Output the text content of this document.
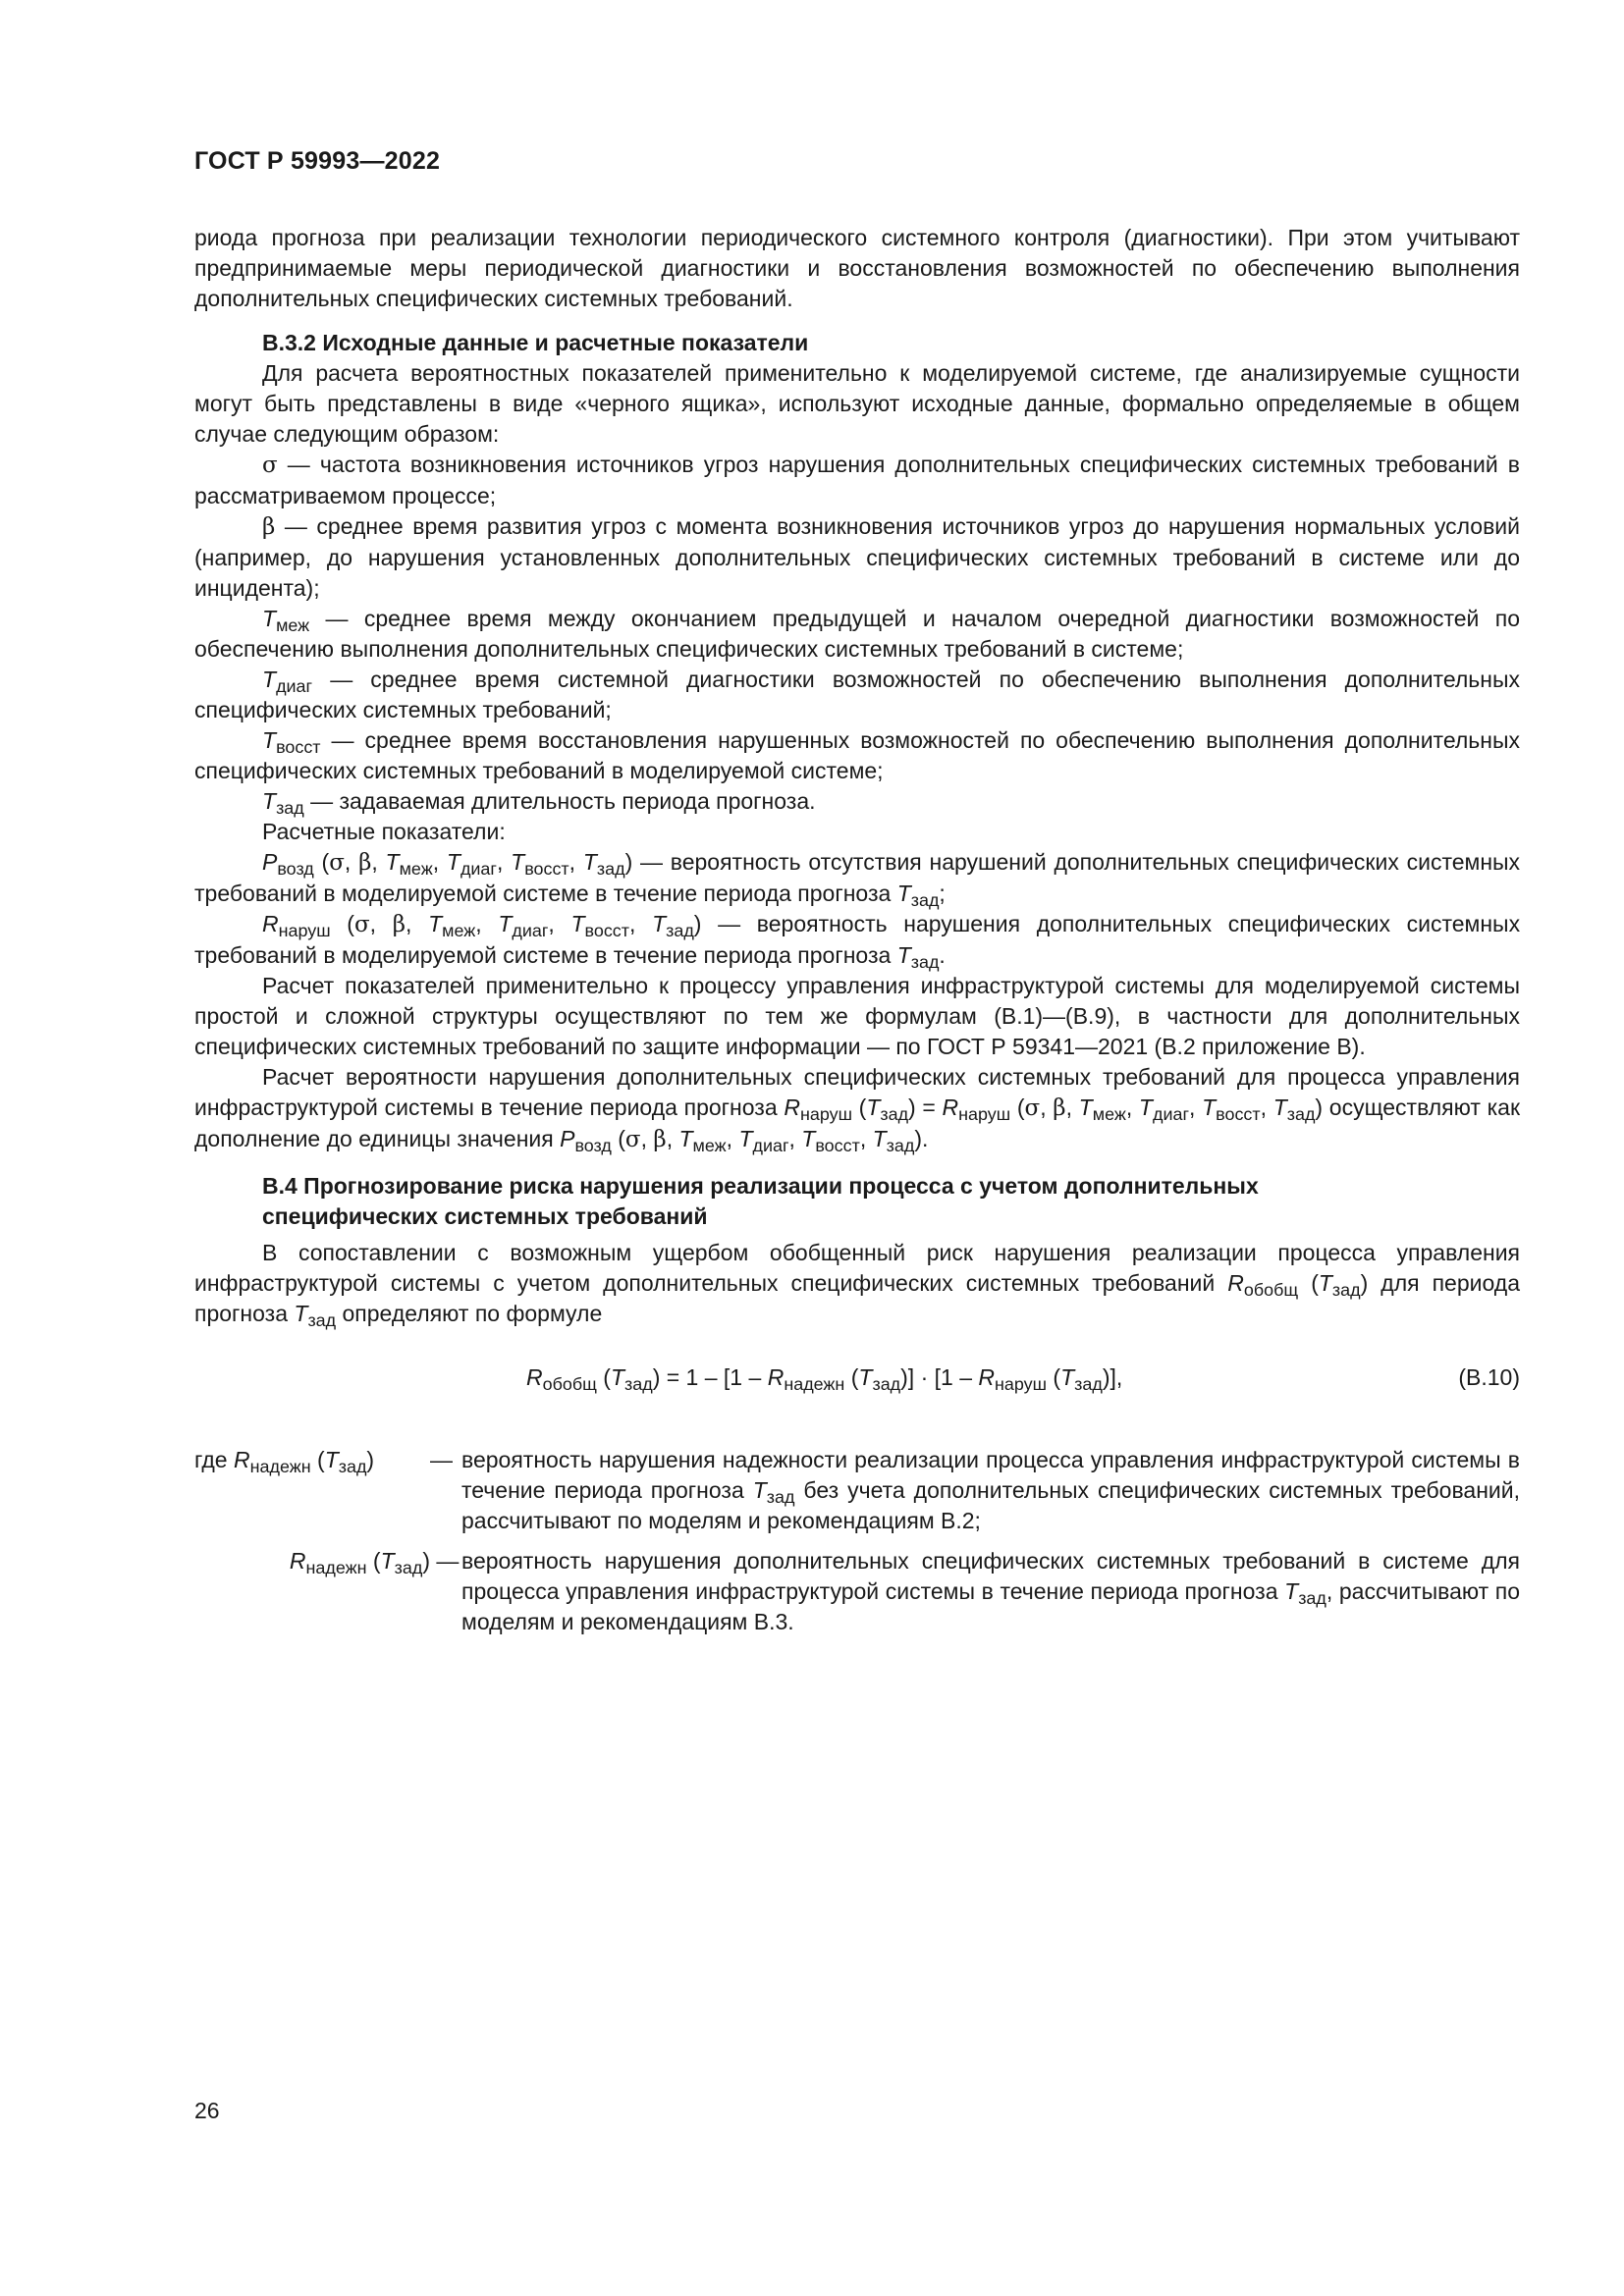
ГОСТ Р 59993—2022

риода прогноза при реализации технологии периодического системного контроля (диагностики). При этом учитывают предпринимаемые меры периодической диагностики и восстановления возможностей по обеспечению выполнения дополнительных специфических системных требований.

В.3.2 Исходные данные и расчетные показатели

Для расчета вероятностных показателей применительно к моделируемой системе, где анализируемые сущности могут быть представлены в виде «черного ящика», используют исходные данные, формально определяемые в общем случае следующим образом:

σ — частота возникновения источников угроз нарушения дополнительных специфических системных требований в рассматриваемом процессе;

β — среднее время развития угроз с момента возникновения источников угроз до нарушения нормальных условий (например, до нарушения установленных дополнительных специфических системных требований в системе или до инцидента);

$T_{меж}$ — среднее время между окончанием предыдущей и началом очередной диагностики возможностей по обеспечению выполнения дополнительных специфических системных требований в системе;

$T_{диаг}$ — среднее время системной диагностики возможностей по обеспечению выполнения дополнительных специфических системных требований;

$T_{восст}$ — среднее время восстановления нарушенных возможностей по обеспечению выполнения дополнительных специфических системных требований в моделируемой системе;

$T_{зад}$ — задаваемая длительность периода прогноза.

Расчетные показатели:

$P_{возд}$ (σ, β, $T_{меж}$, $T_{диаг}$, $T_{восст}$, $T_{зад}$) — вероятность отсутствия нарушений дополнительных специфических системных требований в моделируемой системе в течение периода прогноза $T_{зад}$;

$R_{наруш}$ (σ, β, $T_{меж}$, $T_{диаг}$, $T_{восст}$, $T_{зад}$) — вероятность нарушения дополнительных специфических системных требований в моделируемой системе в течение периода прогноза $T_{зад}$.

Расчет показателей применительно к процессу управления инфраструктурой системы для моделируемой системы простой и сложной структуры осуществляют по тем же формулам (В.1)—(В.9), в частности для дополнительных специфических системных требований по защите информации — по ГОСТ Р 59341—2021 (В.2 приложение В).

Расчет вероятности нарушения дополнительных специфических системных требований для процесса управления инфраструктурой системы в течение периода прогноза $R_{наруш}$ $(T_{зад}) = R_{наруш}$ (σ, β, $T_{меж}$, $T_{диаг}$, $T_{восст}$, $T_{зад}$) осуществляют как дополнение до единицы значения $P_{возд}$ (σ, β, $T_{меж}$, $T_{диаг}$, $T_{восст}$, $T_{зад}$).

В.4 Прогнозирование риска нарушения реализации процесса с учетом дополнительных
специфических системных требований

В сопоставлении с возможным ущербом обобщенный риск нарушения реализации процесса управления инфраструктурой системы с учетом дополнительных специфических системных требований $R_{обобщ}$ $(T_{зад})$ для периода прогноза $T_{зад}$ определяют по формуле

$R_{обобщ}$ $(T_{зад}) = 1 - [1 - R_{надежн}$ $(T_{зад})] \cdot [1 - R_{наруш}$ $(T_{зад})$],	(В.10)
где $R_{надежн}$ $(T_{зад})$	— вероятность нарушения надежности реализации процесса управления инфраструктурой системы в течение периода прогноза $T_{зад}$ без учета дополнительных специфических системных требований, рассчитывают по моделям и рекомендациям В.2;
$R_{надежн}$ $(T_{зад})$ — вероятность нарушения дополнительных специфических системных требований в системе для процесса управления инфраструктурой системы в течение периода прогноза $T_{зад}$, рассчитывают по моделям и рекомендациям В.3.
26
